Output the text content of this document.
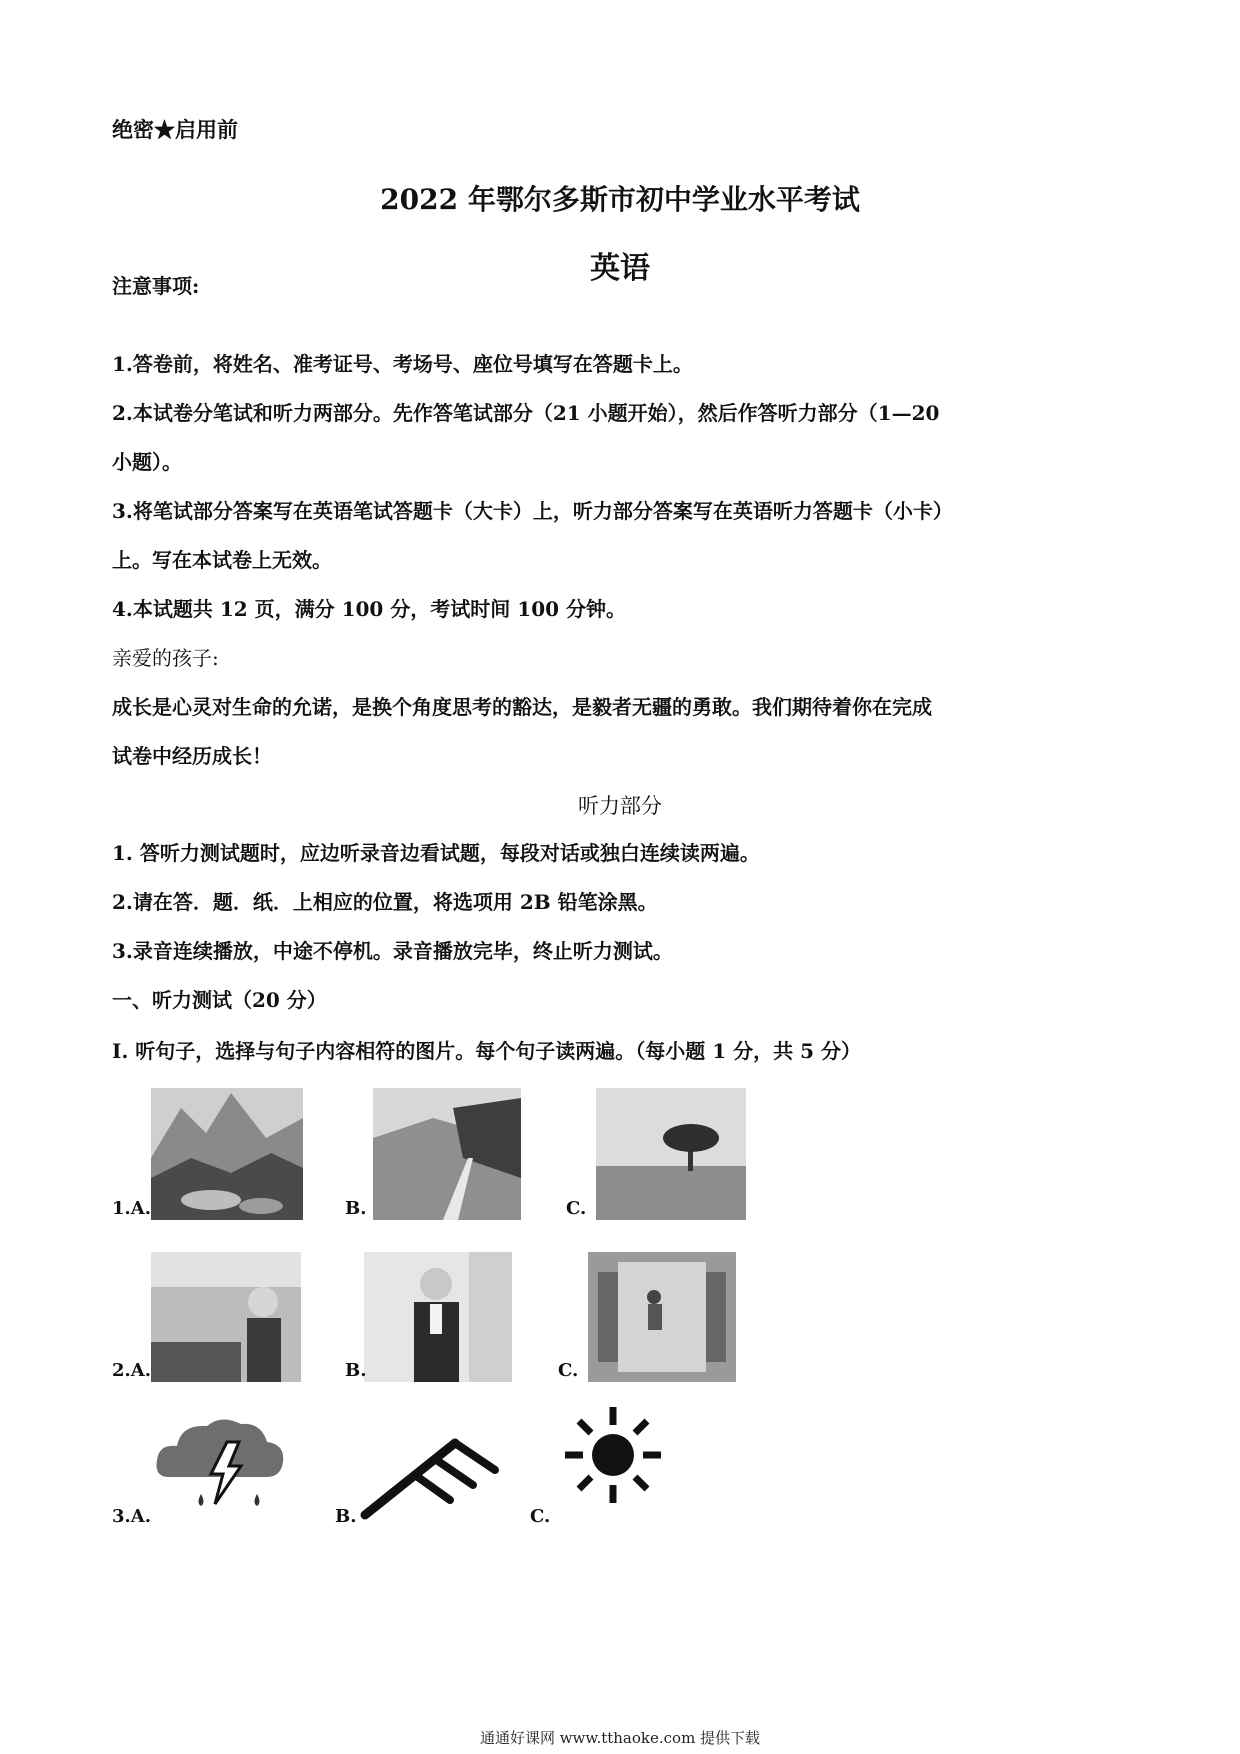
绝密★启用前
2022 年鄂尔多斯市初中学业水平考试
英语
注意事项:
1.答卷前，将姓名、准考证号、考场号、座位号填写在答题卡上。
2.本试卷分笔试和听力两部分。先作答笔试部分（21 小题开始），然后作答听力部分（1—20
小题）。
3.将笔试部分答案写在英语笔试答题卡（大卡）上，听力部分答案写在英语听力答题卡（小卡）
上。写在本试卷上无效。
4.本试题共 12 页，满分 100 分，考试时间 100 分钟。
亲爱的孩子:
成长是心灵对生命的允诺，是换个角度思考的豁达，是毅者无疆的勇敢。我们期待着你在完成
试卷中经历成长！
听力部分
1. 答听力测试题时，应边听录音边看试题，每段对话或独白连续读两遍。
2.请在答．题．纸．上相应的位置，将选项用 2B 铅笔涂黑。
3.录音连续播放，中途不停机。录音播放完毕，终止听力测试。
一、听力测试（20 分）
I. 听句子，选择与句子内容相符的图片。每个句子读两遍。（每小题 1 分，共 5 分）
1.A.	B.	C.
2.A.	B.	C.
3.A.	B.	C.
通通好课网 www.tthaoke.com 提供下载
